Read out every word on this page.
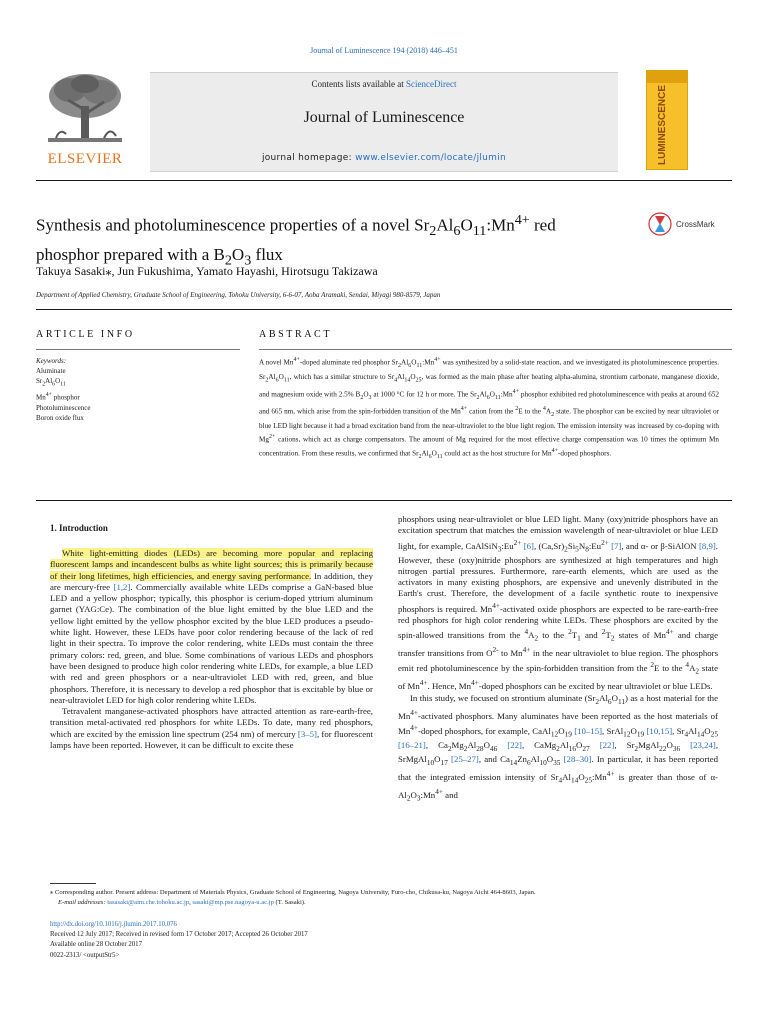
Journal of Luminescence 194 (2018) 446–451
ELSEVIER
Contents lists available at ScienceDirect
Journal of Luminescence
journal homepage: www.elsevier.com/locate/jlumin	LUMINESCENCE
Synthesis and photoluminescence properties of a novel $Sr_2Al_6O_{11}:Mn^{4+}$ red
phosphor prepared with a $B_2O_3$ flux
CrossMark
Takuya Sasaki⁎, Jun Fukushima, Yamato Hayashi, Hirotsugu Takizawa
Department of Applied Chemistry, Graduate School of Engineering, Tohoku University, 6-6-07, Aoba Aramaki, Sendai, Miyagi 980-8579, Japan
ARTICLE INFO	ABSTRACT
Keywords:
Aluminate
$Sr_2Al_6O_{11}$
$Mn^{4+}$ phosphor
Photoluminescence
Boron oxide flux
A novel $Mn^{4+}$-doped aluminate red phosphor $Sr_2Al_6O_{11}:Mn^{4+}$ was synthesized by a solid-state reaction, and we investigated its photoluminescence properties. $Sr_2Al_6O_{11}$, which has a similar structure to $Sr_4Al_{14}O_{25}$, was formed as the main phase after heating alpha-alumina, strontium carbonate, manganese dioxide, and magnesium oxide with 2.5% $B_2O_3$ at 1000 °C for 12 h or more. The $Sr_2Al_6O_{11}:Mn^{4+}$ phosphor exhibited red photoluminescence with peaks at around 652 and 665 nm, which arise from the spin-forbidden transition of the $Mn^{4+}$ cation from the $^2$E to the $^4A_2$ state. The phosphor can be excited by near ultraviolet or blue LED light because it had a broad excitation band from the near-ultraviolet to the blue light region. The emission intensity was increased by co-doping with $Mg^{2+}$ cations, which act as charge compensators. The amount of Mg required for the most effective charge compensation was 10 times the optimum Mn concentration. From these results, we confirmed that $Sr_2Al_6O_{11}$ could act as the host structure for $Mn^{4+}$-doped phosphors.
1. Introduction

White light-emitting diodes (LEDs) are becoming more popular and replacing fluorescent lamps and incandescent bulbs as white light sources; this is primarily because of their long lifetimes, high efficiencies, and energy saving performance. In addition, they are mercury-free [1,2]. Commercially available white LEDs comprise a GaN-based blue LED and a yellow phosphor; typically, this phosphor is cerium-doped yttrium aluminum garnet (YAG:Ce). The combination of the blue light emitted by the blue LED and the yellow light emitted by the yellow phosphor excited by the blue LED produces a pseudo-white light. However, these LEDs have poor color rendering because of the lack of red light in their spectra. To improve the color rendering, white LEDs must contain the three primary colors: red, green, and blue. Some combinations of various LEDs and phosphors have been designed to produce high color rendering white LEDs, for example, a blue LED with red and green phosphors or a near-ultraviolet LED with red, green, and blue phosphors. Therefore, it is necessary to develop a red phosphor that is excitable by blue or near-ultraviolet LED for high color rendering white LEDs.

Tetravalent manganese-activated phosphors have attracted attention as rare-earth-free, transition metal-activated red phosphors for white LEDs. To date, many red phosphors, which are excited by the emission line spectrum (254 nm) of mercury [3–5], for fluorescent lamps have been reported. However, it can be difficult to excite these

phosphors using near-ultraviolet or blue LED light. Many (oxy)nitride phosphors have an excitation spectrum that matches the emission wavelength of near-ultraviolet or blue LED light, for example, $CaAlSiN_3:Eu^{2+}$ [6], $(Ca,Sr)_2Si_5N_8:Eu^{2+}$ [7], and α- or β-SiAlON [8,9]. However, these (oxy)nitride phosphors are synthesized at high temperatures and high nitrogen partial pressures. Furthermore, rare-earth elements, which are used as the activators in many existing phosphors, are expensive and unevenly distributed in the Earth's crust. Therefore, the development of a facile synthetic route to inexpensive phosphors is required. $Mn^{4+}$-activated oxide phosphors are expected to be rare-earth-free red phosphors for high color rendering white LEDs. These phosphors are excited by the spin-allowed transitions from the $^4A_2$ to the $^2T_1$ and $^2T_2$ states of $Mn^{4+}$ and charge transfer transitions from $O^{2-}$ to $Mn^{4+}$ in the near ultraviolet to blue region. The phosphors emit red photoluminescence by the spin-forbidden transition from the $^2$E to the $^4A_2$ state of $Mn^{4+}$. Hence, $Mn^{4+}$-doped phosphors can be excited by near ultraviolet or blue LEDs.

In this study, we focused on strontium aluminate $(Sr_2Al_6O_{11})$ as a host material for the $Mn^{4+}$-activated phosphors. Many aluminates have been reported as the host materials of $Mn^{4+}$-doped phosphors, for example, $CaAl_{12}O_{19}$ [10–15], $SrAl_{12}O_{19}$ [10,15], $Sr_4Al_{14}O_{25}$ [16–21], $Ca_2Mg_2Al_{28}O_{46}$ [22], $CaMg_2Al_{16}O_{27}$ [22], $Sr_2MgAl_{22}O_{36}$ [23,24], $SrMgAl_{10}O_{17}$ [25–27], and $Ca_{14}Zn_6Al_{10}O_{35}$ [28–30]. In particular, it has been reported that the integrated emission intensity of $Sr_4Al_{14}O_{25}:Mn^{4+}$ is greater than those of $\alpha-Al_2O_3:Mn^{4+}$ and

⁎ Corresponding author. Present address: Department of Materials Physics, Graduate School of Engineering, Nagoya University, Furo-cho, Chikusa-ku, Nagoya Aichi 464-8603, Japan.
E-mail addresses: tasasaki@aim.che.tohoku.ac.jp, sasaki@mp.pse.nagoya-u.ac.jp (T. Sasaki).
http://dx.doi.org/10.1016/j.jlumin.2017.10.076
Received 12 July 2017; Received in revised form 17 October 2017; Accepted 26 October 2017
Available online 28 October 2017
0022-2313/ <outputStr5>
